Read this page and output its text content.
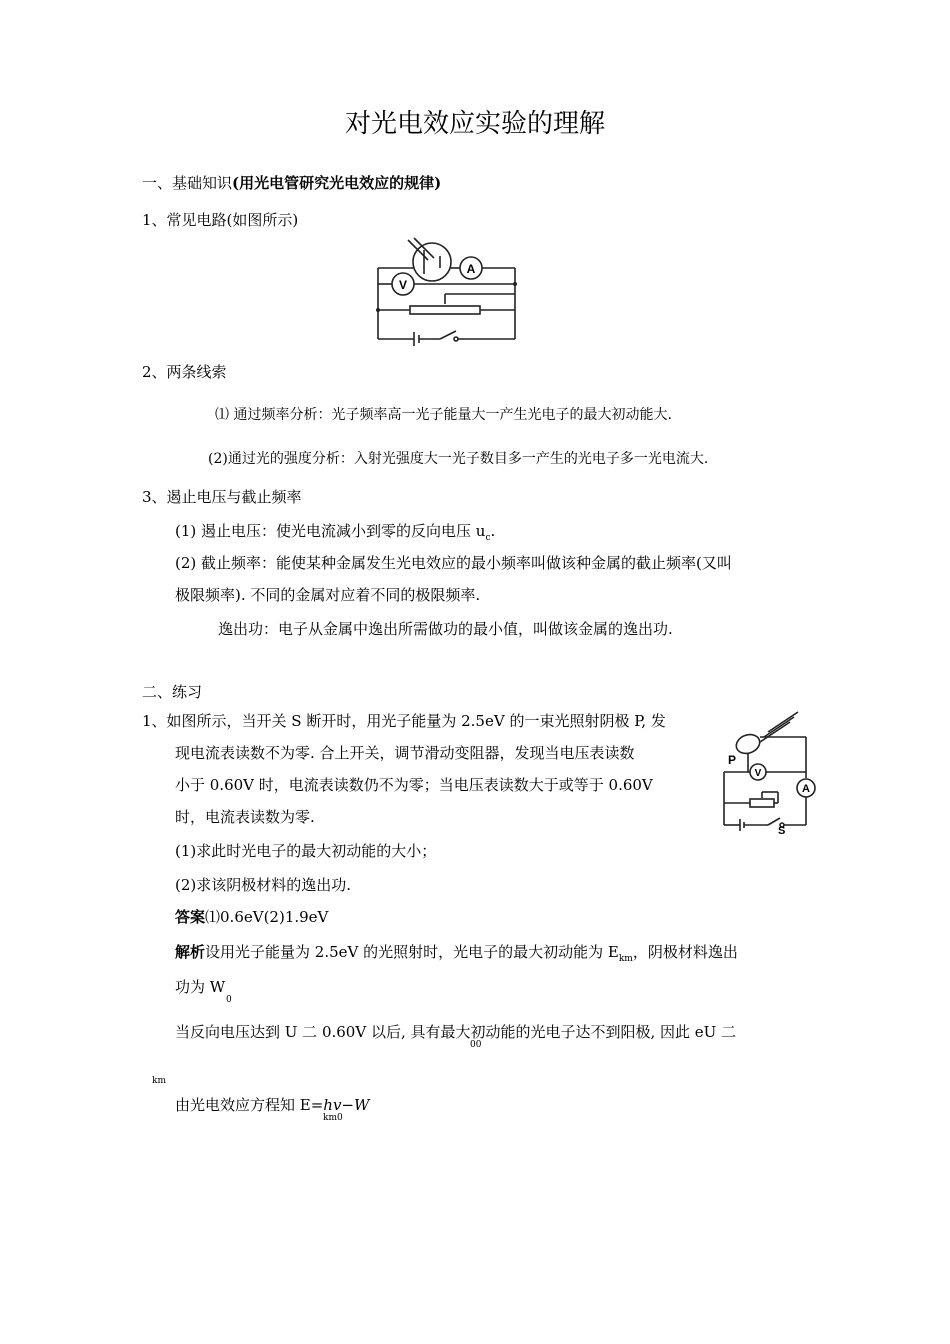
对光电效应实验的理解
一、基础知识(用光电管研究光电效应的规律)
1、常见电路(如图所示)
A
V
2、两条线索
⑴ 通过频率分析：光子频率高一光子能量大一产生光电子的最大初动能大.
(2)通过光的强度分析：入射光强度大一光子数目多一产生的光电子多一光电流大.
3、遏止电压与截止频率
(1) 遏止电压：使光电流减小到零的反向电压 $u_c$.
(2) 截止频率：能使某种金属发生光电效应的最小频率叫做该种金属的截止频率(又叫
极限频率). 不同的金属对应着不同的极限频率.
逸出功：电子从金属中逸出所需做功的最小值，叫做该金属的逸出功.
二、练习
1、如图所示，当开关 S 断开时，用光子能量为 2.5eV 的一束光照射阴极 P, 发
现电流表读数不为零. 合上开关，调节滑动变阻器，发现当电压表读数
小于 0.60V 时，电流表读数仍不为零；当电压表读数大于或等于 0.60V
时，电流表读数为零.
(1)求此时光电子的最大初动能的大小；
(2)求该阴极材料的逸出功.
答案⑴0.6eV(2)1.9eV
解析设用光子能量为 2.5eV 的光照射时，光电子的最大初动能为 $E_{km}$，阴极材料逸出
功为 W
0
当反向电压达到 U 二 0.60V 以后, 具有最大初动能的光电子达不到阳极, 因此 eU 二
00
km
由光电效应方程知 E=hv−W
km0
P
V
A
S
